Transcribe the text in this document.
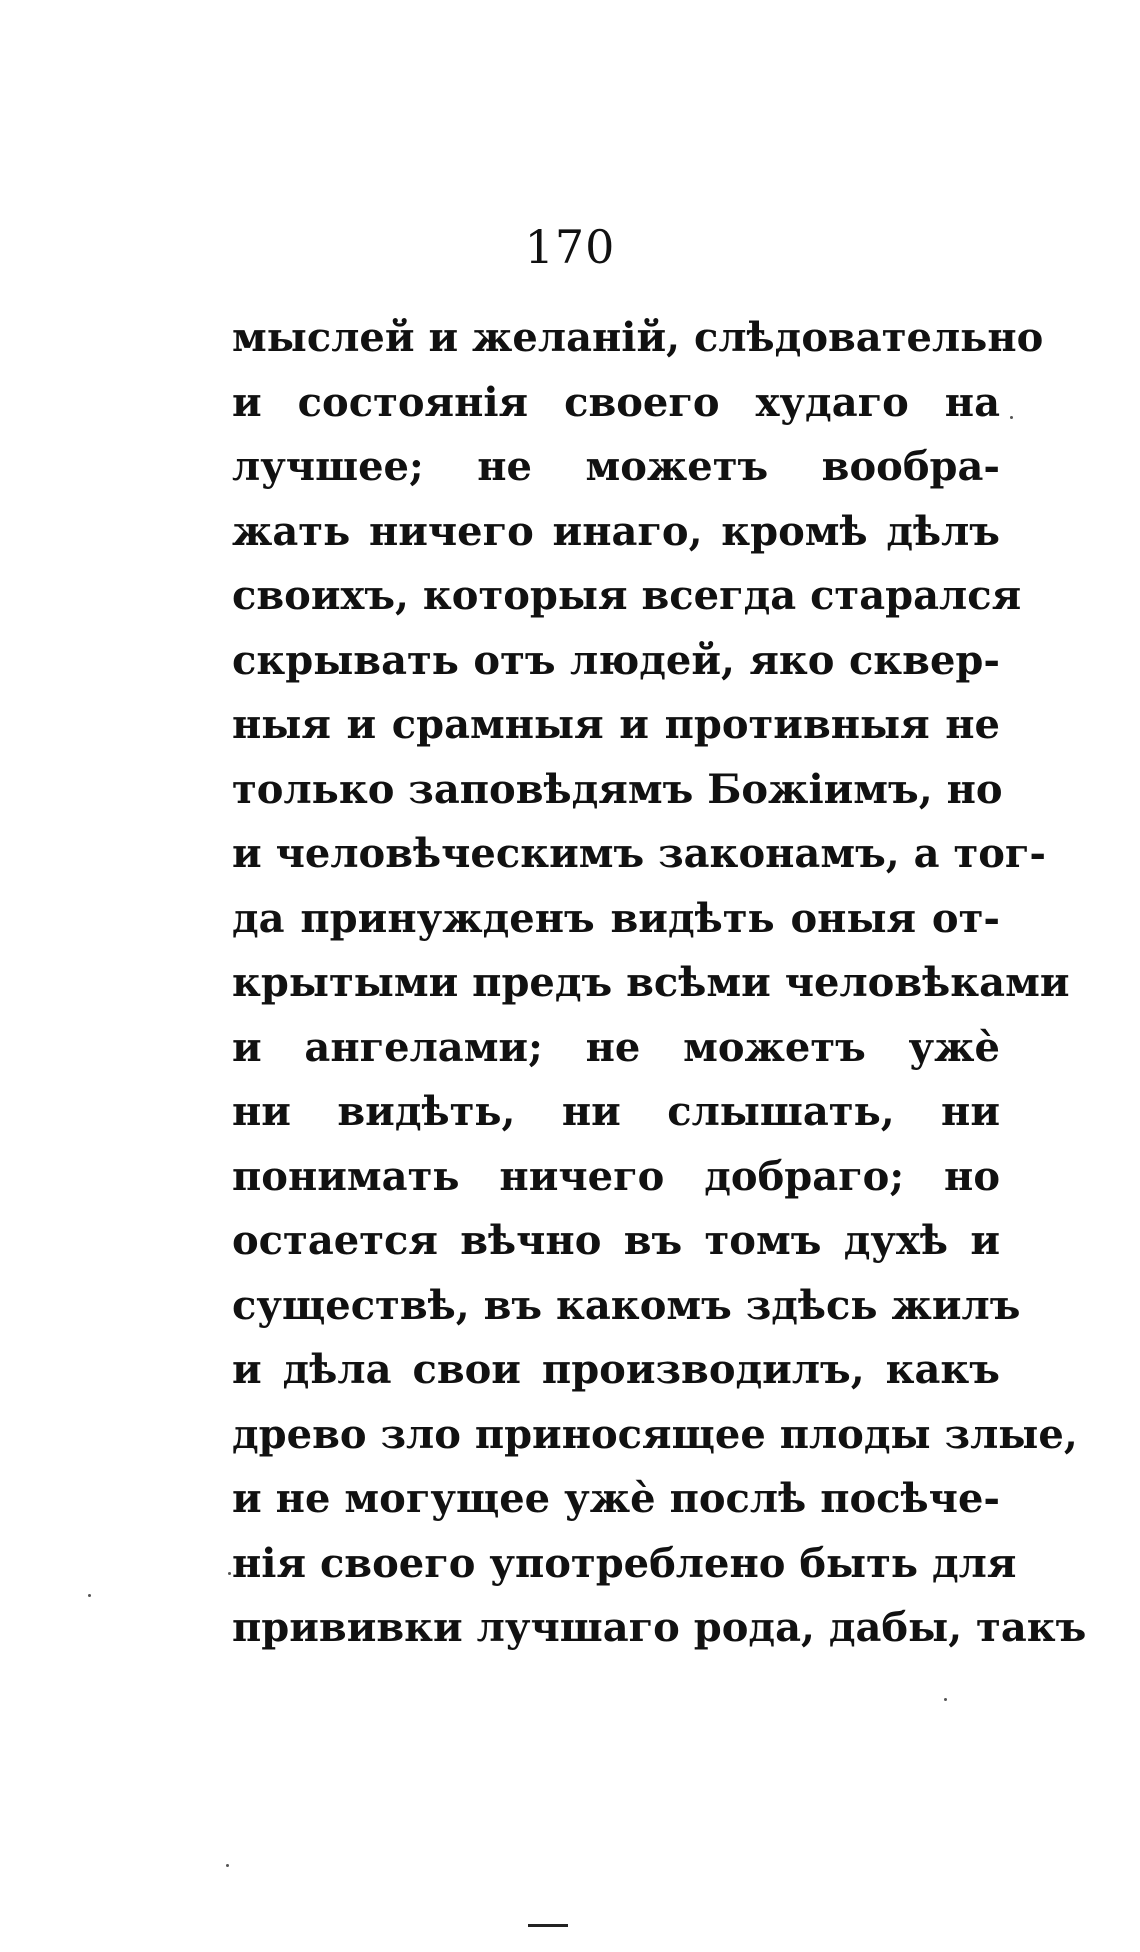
170
мыслей и желаній, слѣдовательно
и состоянія своего худаго на
лучшее; не можетъ вообра-
жать ничего инаго, кромѣ дѣлъ
своихъ, которыя всегда старался
скрывать отъ людей, яко сквер-
ныя и срамныя и противныя не
только заповѣдямъ Божіимъ, но
и человѣческимъ законамъ, а тог-
да принужденъ видѣть оныя от-
крытыми предъ всѣми человѣками
и ангелами; не можетъ ужè
ни видѣть, ни слышать, ни
понимать ничего добраго; но
остается вѣчно въ томъ духѣ и
существѣ, въ какомъ здѣсь жилъ
и дѣла свои производилъ, какъ
древо зло приносящее плоды злые,
и не могущее ужè послѣ посѣче-
нія своего употреблено быть для
прививки лучшаго рода, дабы, такъ
